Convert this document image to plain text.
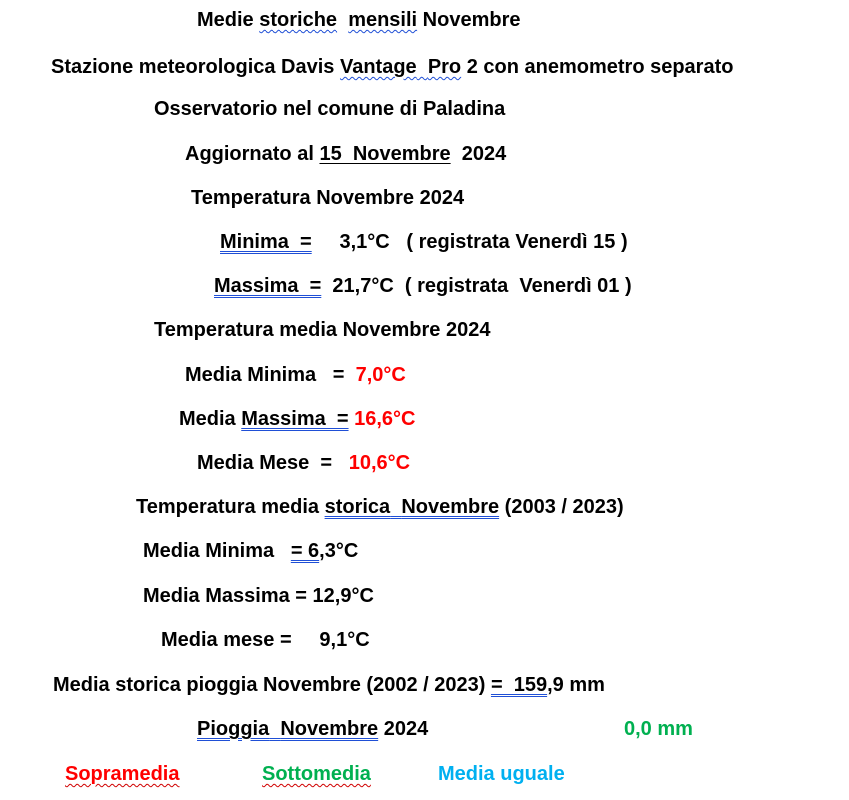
Medie storiche mensili Novembre
Stazione meteorologica Davis Vantage Pro 2 con anemometro separato
Osservatorio nel comune di Paladina
Aggiornato al 15  Novembre  2024
Temperatura Novembre 2024
Minima  =     3,1°C   ( registrata Venerdì 15 )
Massima  =  21,7°C  ( registrata  Venerdì 01 )
Temperatura media Novembre 2024
Media Minima   =  7,0°C
Media Massima  = 16,6°C
Media Mese  =   10,6°C
Temperatura media storica Novembre (2003 / 2023)
Media Minima   = 6,3°C
Media Massima = 12,9°C
Media mese =     9,1°C
Media storica pioggia Novembre (2002 / 2023) =  159,9 mm
Pioggia Novembre 2024	0,0 mm
Sopramedia	Sottomedia	Media uguale
